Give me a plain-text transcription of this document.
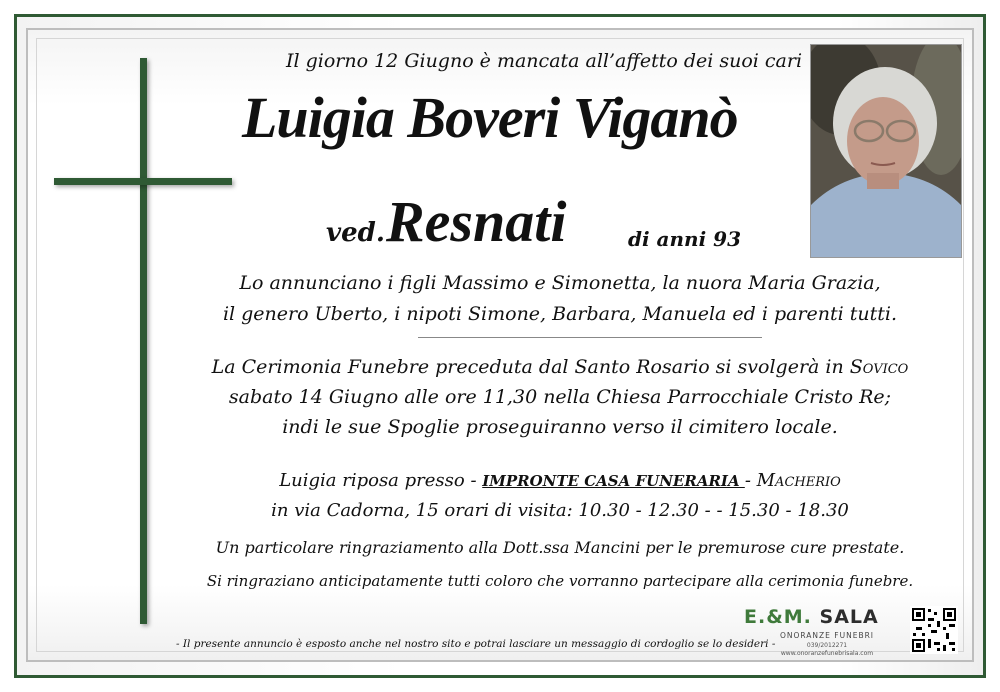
Il giorno 12 Giugno è mancata all’affetto dei suoi cari
Luigia Boveri Viganò
ved. Resnati	di anni 93
Lo annunciano i figli Massimo e Simonetta, la nuora Maria Grazia,
il genero Uberto, i nipoti Simone, Barbara, Manuela ed i parenti tutti.
La Cerimonia Funebre preceduta dal Santo Rosario si svolgerà in Sovico
sabato 14 Giugno alle ore 11,30 nella Chiesa Parrocchiale Cristo Re;
indi le sue Spoglie proseguiranno verso il cimitero locale.
Luigia riposa presso - IMPRONTE CASA FUNERARIA - Macherio
in via Cadorna, 15 orari di visita: 10.30 - 12.30 - - 15.30 - 18.30
Un particolare ringraziamento alla Dott.ssa Mancini per le premurose cure prestate.
Si ringraziano anticipatamente tutti coloro che vorranno partecipare alla cerimonia funebre.
- Il presente annuncio è esposto anche nel nostro sito e potrai lasciare un messaggio di cordoglio se lo desideri -
E.&M. SALA
ONORANZE FUNEBRI
039/2012271
www.onoranzefunebrisala.com
